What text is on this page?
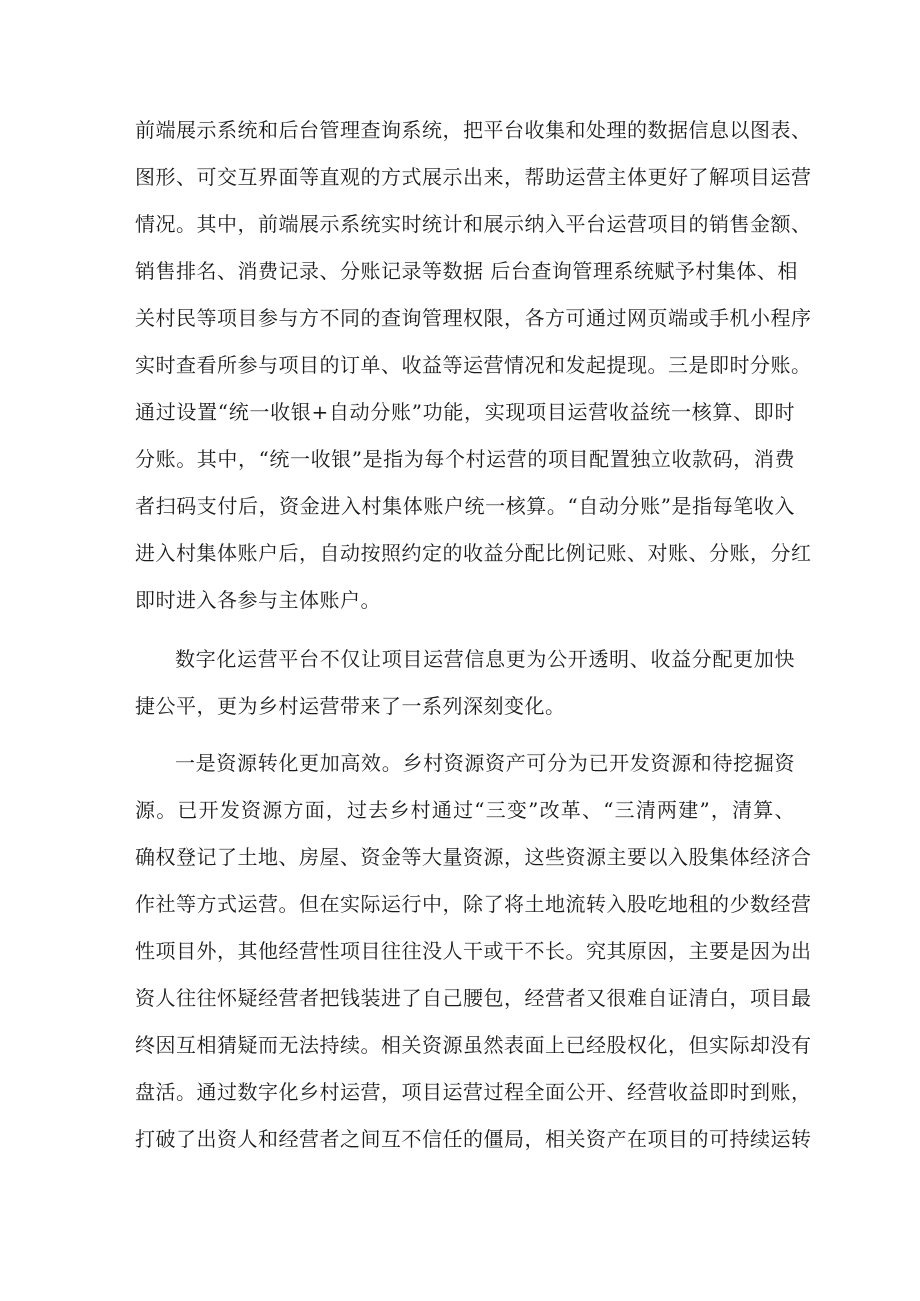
前端展示系统和后台管理查询系统，把平台收集和处理的数据信息以图表、
图形、可交互界面等直观的方式展示出来，帮助运营主体更好了解项目运营
情况。其中，前端展示系统实时统计和展示纳入平台运营项目的销售金额、
销售排名、消费记录、分账记录等数据 后台查询管理系统赋予村集体、相
关村民等项目参与方不同的查询管理权限，各方可通过网页端或手机小程序
实时查看所参与项目的订单、收益等运营情况和发起提现。三是即时分账。
通过设置“统一收银+自动分账”功能，实现项目运营收益统一核算、即时
分账。其中，“统一收银”是指为每个村运营的项目配置独立收款码，消费
者扫码支付后，资金进入村集体账户统一核算。“自动分账”是指每笔收入
进入村集体账户后，自动按照约定的收益分配比例记账、对账、分账，分红
即时进入各参与主体账户。
数字化运营平台不仅让项目运营信息更为公开透明、收益分配更加快
捷公平，更为乡村运营带来了一系列深刻变化。
一是资源转化更加高效。乡村资源资产可分为已开发资源和待挖掘资
源。已开发资源方面，过去乡村通过“三变”改革、“三清两建”，清算、
确权登记了土地、房屋、资金等大量资源，这些资源主要以入股集体经济合
作社等方式运营。但在实际运行中，除了将土地流转入股吃地租的少数经营
性项目外，其他经营性项目往往没人干或干不长。究其原因，主要是因为出
资人往往怀疑经营者把钱装进了自己腰包，经营者又很难自证清白，项目最
终因互相猜疑而无法持续。相关资源虽然表面上已经股权化，但实际却没有
盘活。通过数字化乡村运营，项目运营过程全面公开、经营收益即时到账，
打破了出资人和经营者之间互不信任的僵局，相关资产在项目的可持续运转
